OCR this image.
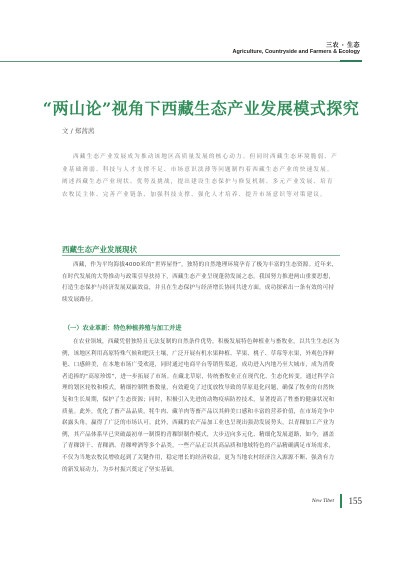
三农 · 生态
Agriculture, Countryside and Farmers & Ecology
“两山论”视角下西藏生态产业发展模式探究
文 / 郑茜茜
西藏生态产业发展成为推动该地区高质量发展的核心动力。但同时西藏生态环境脆弱、产业基础薄弱、科技与人才支撑不足、市场意识淡薄等问题制约着西藏生态产业的快速发展。阐述西藏生态产业现状、优势及挑战，提出建设生态保护与修复机制、多元产业发展、培育农牧民主体、完善产业链条、加强科技支撑、强化人才培养、提升市场意识等对策建议。
西藏生态产业发展现状
西藏，作为平均海拔4000米的“世界屋脊”，独特的自然地理环境孕育了极为丰富的生态资源。近年来，在时代发展的大势推动与政策引导扶持下，西藏生态产业呈现蓬勃发展之态。我国努力推进两山重要思想，打造生态保护与经济发展双赢效益，并且在生态保护与经济增长协同共进方面，成功探索出一条有效的可持续发展路径。
（一）农业革新：特色种植养殖与加工并进
在农业领域，西藏凭借独特且无法复制的自然条件优势，积极发展特色种植业与畜牧业，以共生生态区为例，该地区利用高原特殊气候和肥沃土壤，广泛开展有机水果种植、苹果、桃子、草莓等水果，外观色泽鲜艳、口感鲜美，在本地市场广受欢迎，同时通过电商平台等销售渠道，成功进入内地乃至大城市，成为消费者追捧的“高原珍馐”，进一步拓展了市场。在藏北草原，传统畜牧业正在现代化、生态化转变，通过科学合理的划区轮牧和模式，精细控制牲畜数量，有效避免了过度放牧导致的草原退化问题，确保了牧业的自然恢复和生长周期，保护了生态资源；同时，积极引入先进的动物疫病防控技术，显著提高了牲畜的健康状况和质量。此外，优化了畜产品品质，牦牛肉、藏羊肉等畜产品以其鲜美口感和丰富的营养价值，在市场竞争中崭露头角，赢得了广泛的市场认可。此外，西藏的农产品加工业也呈现出强劲发展势头，以青稞加工产业为例，其产品体系早已突破最初单一制馍的青稞饼制作模式，大步迈向多元化、精细化发展道路，如今，涵盖了青稞饼干、青稞酒、青稞啤酒等多个品类，一些产品正以其高品质和地域特色的产品精确满足市场需求，不仅为当地农牧民增收起到了关键作用，稳定增长的经济收益，更为当地农村经济注入源源不断、强劲有力的新发展动力，为乡村振兴奠定了坚实基础。
New Tibet 155
